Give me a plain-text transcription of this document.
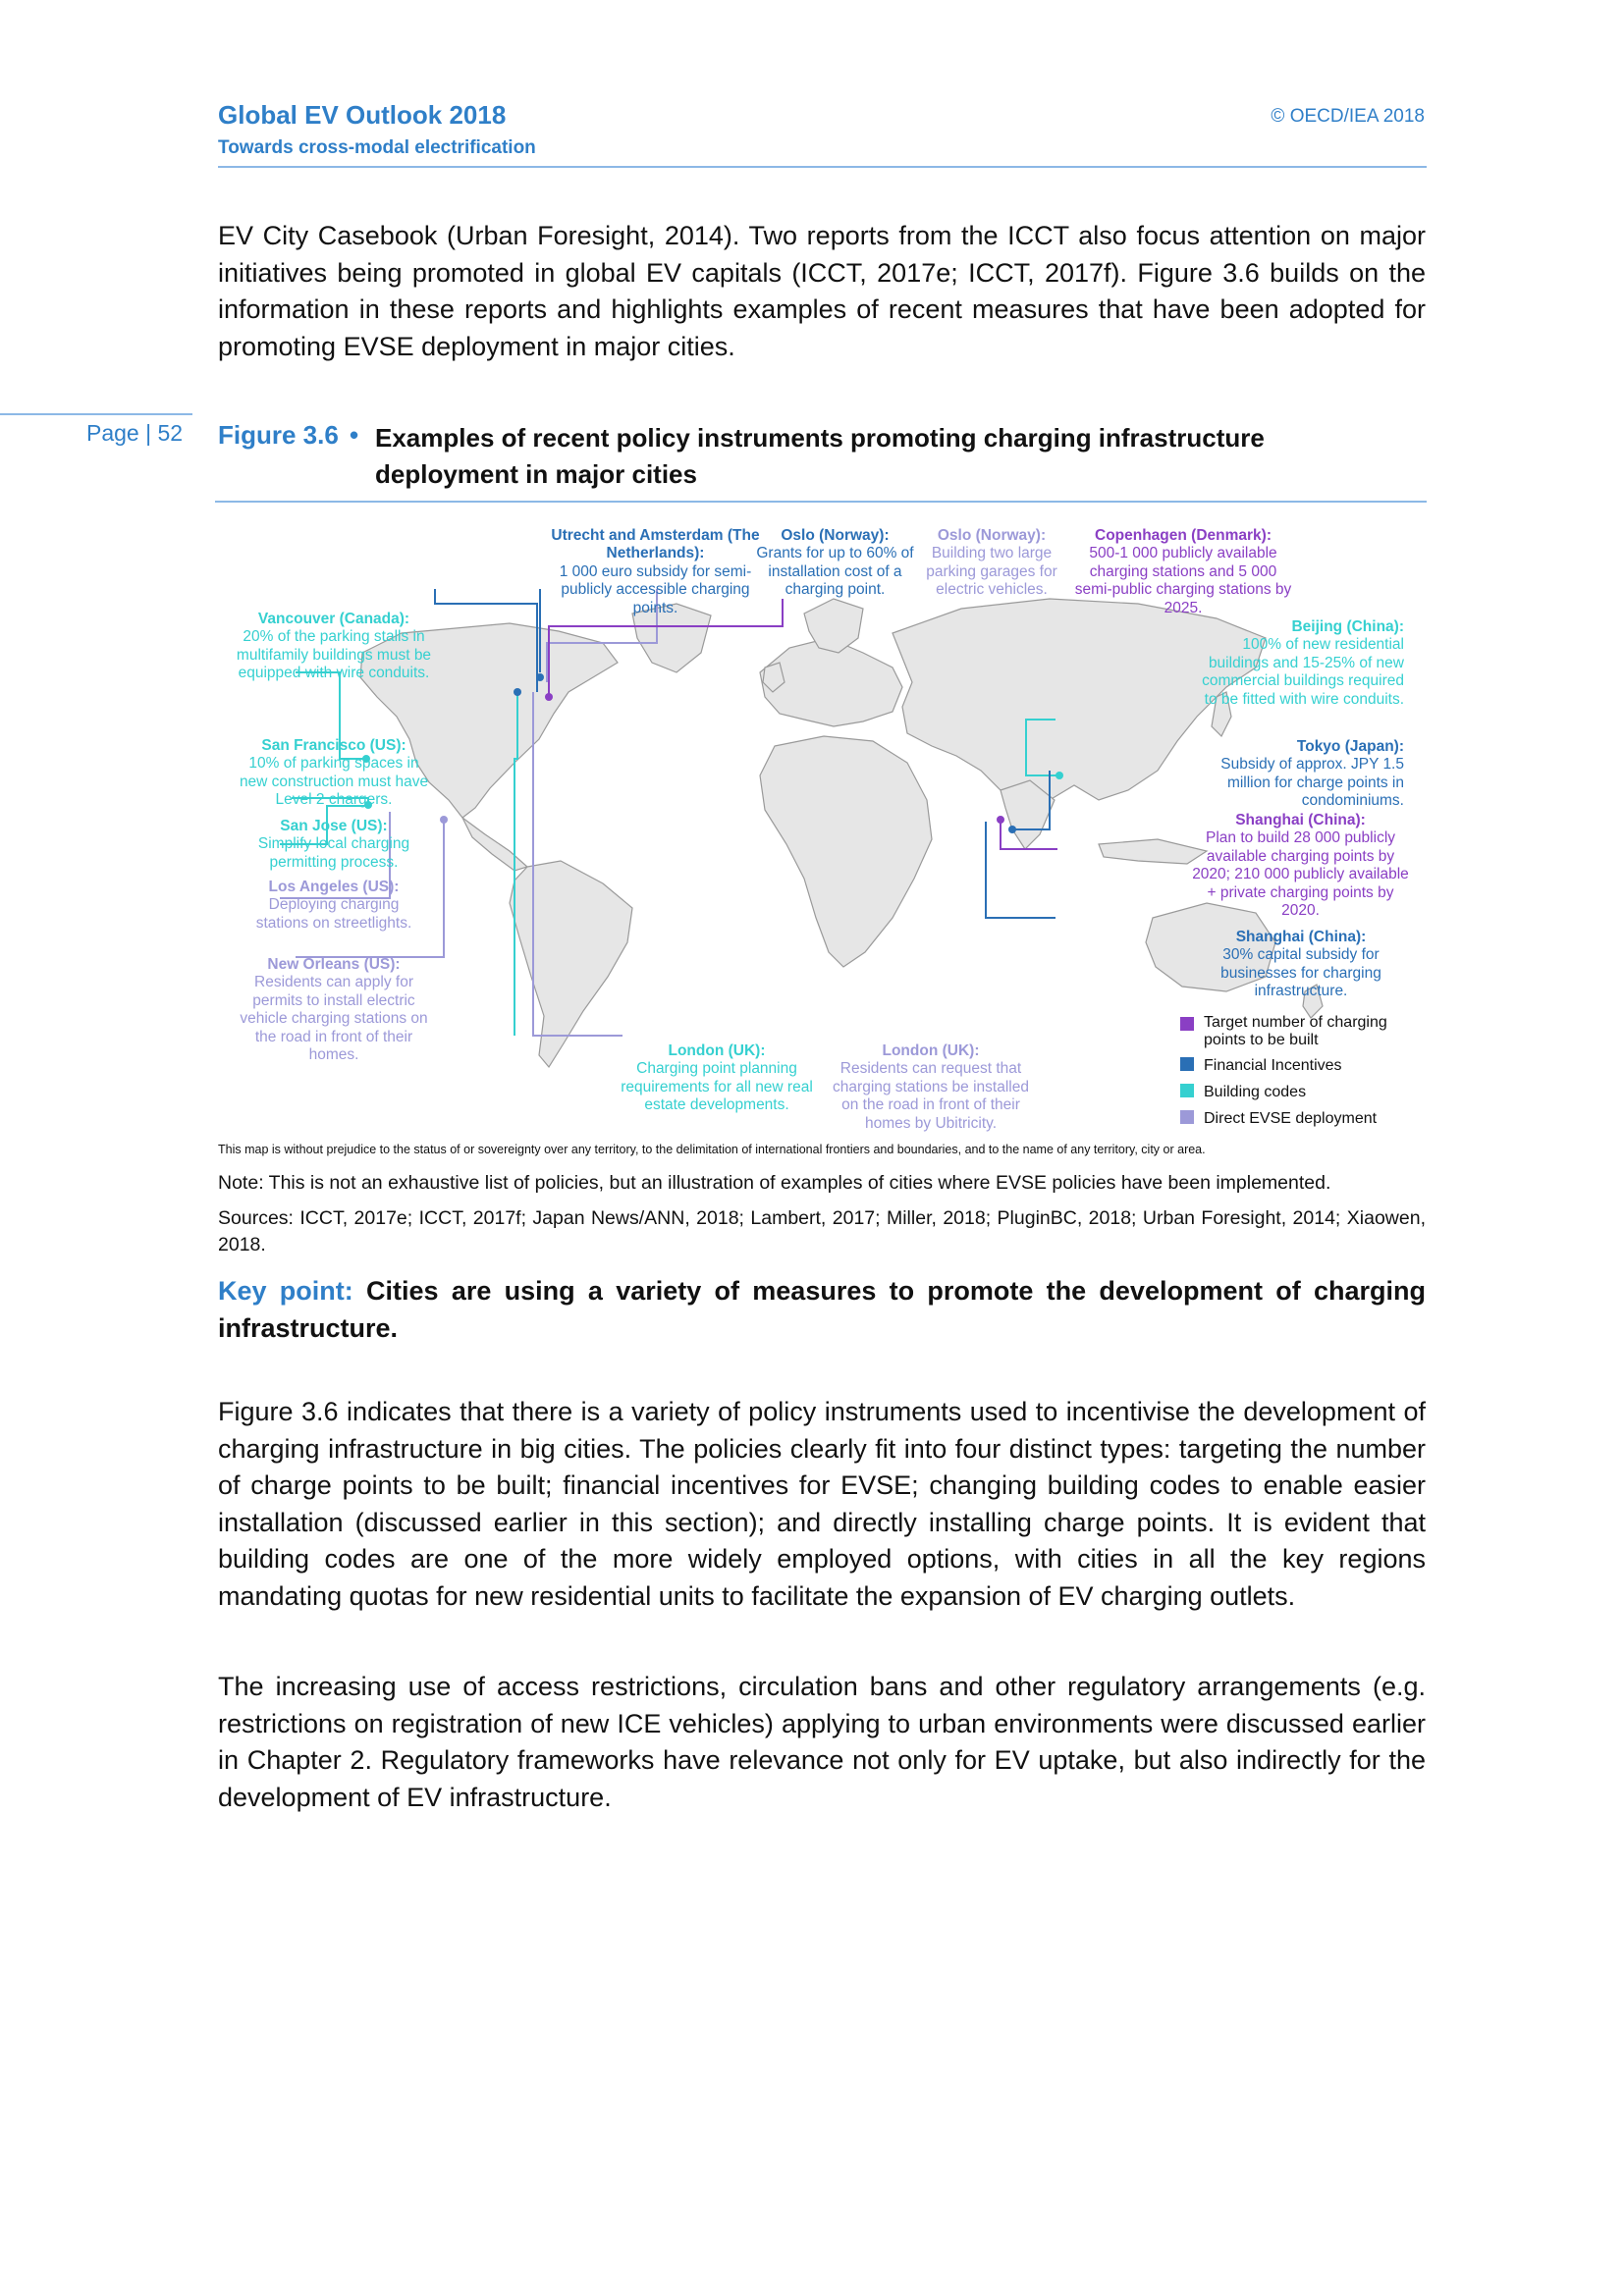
Global EV Outlook 2018
Towards cross-modal electrification
© OECD/IEA 2018
EV City Casebook (Urban Foresight, 2014). Two reports from the ICCT also focus attention on major initiatives being promoted in global EV capitals (ICCT, 2017e; ICCT, 2017f). Figure 3.6 builds on the information in these reports and highlights examples of recent measures that have been adopted for promoting EVSE deployment in major cities.
Page | 52 Figure 3.6 • Examples of recent policy instruments promoting charging infrastructure deployment in major cities
Utrecht and Amsterdam (The Netherlands):
1 000 euro subsidy for semi-publicly accessible charging points.
Oslo (Norway):
Grants for up to 60% of installation cost of a charging point.
Oslo (Norway):
Building two large parking garages for electric vehicles.
Copenhagen (Denmark):
500-1 000 publicly available charging stations and 5 000 semi-public charging stations by 2025.
Vancouver (Canada):
20% of the parking stalls in multifamily buildings must be equipped with wire conduits.
San Francisco (US):
10% of parking spaces in new construction must have Level 2 chargers.
San Jose (US):
Simplify local charging permitting process.
Los Angeles (US):
Deploying charging stations on streetlights.
New Orleans (US):
Residents can apply for permits to install electric vehicle charging stations on the road in front of their homes.	London (UK):
Charging point planning requirements for all new real estate developments.
London (UK):
Residents can request that charging stations be installed on the road in front of their homes by Ubitricity.
Beijing (China):
100% of new residential buildings and 15-25% of new commercial buildings required to be fitted with wire conduits.
Tokyo (Japan):
Subsidy of approx. JPY 1.5 million for charge points in condominiums.
Shanghai (China):
Plan to build 28 000 publicly available charging points by 2020; 210 000 publicly available + private charging points by 2020.
Shanghai (China):
30% capital subsidy for businesses for charging infrastructure.
Target number of charging points to be built
Financial Incentives
Building codes
Direct EVSE deployment
This map is without prejudice to the status of or sovereignty over any territory, to the delimitation of international frontiers and boundaries, and to the name of any territory, city or area.
Note: This is not an exhaustive list of policies, but an illustration of examples of cities where EVSE policies have been implemented.
Sources: ICCT, 2017e; ICCT, 2017f; Japan News/ANN, 2018; Lambert, 2017; Miller, 2018; PluginBC, 2018; Urban Foresight, 2014; Xiaowen, 2018.
Key point: Cities are using a variety of measures to promote the development of charging infrastructure.
Figure 3.6 indicates that there is a variety of policy instruments used to incentivise the development of charging infrastructure in big cities. The policies clearly fit into four distinct types: targeting the number of charge points to be built; financial incentives for EVSE; changing building codes to enable easier installation (discussed earlier in this section); and directly installing charge points. It is evident that building codes are one of the more widely employed options, with cities in all the key regions mandating quotas for new residential units to facilitate the expansion of EV charging outlets.
The increasing use of access restrictions, circulation bans and other regulatory arrangements (e.g. restrictions on registration of new ICE vehicles) applying to urban environments were discussed earlier in Chapter 2. Regulatory frameworks have relevance not only for EV uptake, but also indirectly for the development of EV infrastructure.
